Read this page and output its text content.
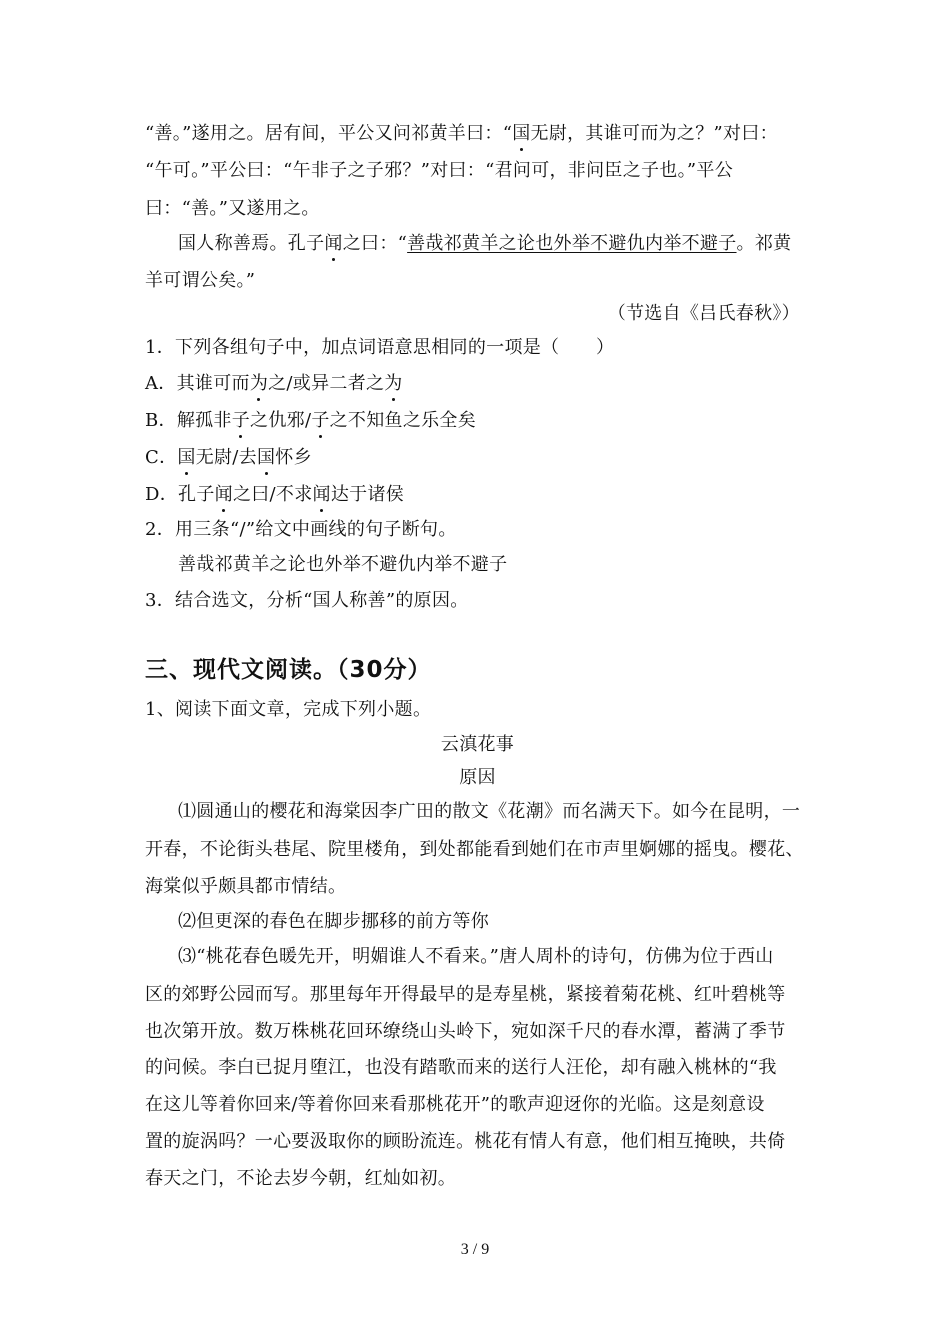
“善。”遂用之。居有间，平公又问祁黄羊曰：“国无尉，其谁可而为之？”对曰：
“午可。”平公曰：“午非子之子邪？”对曰：“君问可，非问臣之子也。”平公
曰：“善。”又遂用之。
国人称善焉。孔子闻之曰：“善哉祁黄羊之论也外举不避仇内举不避子。祁黄
羊可谓公矣。”
（节选自《吕氏春秋》）
1．下列各组句子中，加点词语意思相同的一项是（　　）
A．其谁可而为之/或异二者之为
B．解孤非子之仇邪/子之不知鱼之乐全矣
C．国无尉/去国怀乡
D．孔子闻之曰/不求闻达于诸侯
2．用三条“/”给文中画线的句子断句。
善哉祁黄羊之论也外举不避仇内举不避子
3．结合选文，分析“国人称善”的原因。
三、现代文阅读。（30分）
1、阅读下面文章，完成下列小题。
云滇花事
原因
⑴圆通山的樱花和海棠因李广田的散文《花潮》而名满天下。如今在昆明，一
开春，不论街头巷尾、院里楼角，到处都能看到她们在市声里婀娜的摇曳。樱花、
海棠似乎颇具都市情结。
⑵但更深的春色在脚步挪移的前方等你
⑶“桃花春色暖先开，明媚谁人不看来。”唐人周朴的诗句，仿佛为位于西山
区的郊野公园而写。那里每年开得最早的是寿星桃，紧接着菊花桃、红叶碧桃等
也次第开放。数万株桃花回环缭绕山头岭下，宛如深千尺的春水潭，蓄满了季节
的问候。李白已捉月堕江，也没有踏歌而来的送行人汪伦，却有融入桃林的“我
在这儿等着你回来/等着你回来看那桃花开”的歌声迎迓你的光临。这是刻意设
置的旋涡吗？一心要汲取你的顾盼流连。桃花有情人有意，他们相互掩映，共倚
春天之门，不论去岁今朝，红灿如初。
3 / 9
